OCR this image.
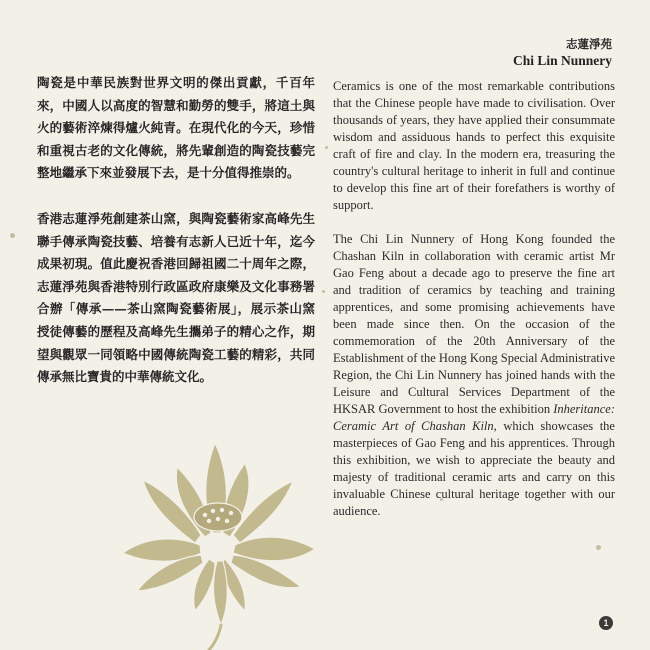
志蓮淨苑
Chi Lin Nunnery

陶瓷是中華民族對世界文明的傑出貢獻，千百年來，中國人以高度的智慧和勤勞的雙手，將這土與火的藝術淬煉得爐火純青。在現代化的今天，珍惜和重視古老的文化傳統，將先輩創造的陶瓷技藝完整地繼承下來並發展下去，是十分值得推崇的。

香港志蓮淨苑創建茶山窯，與陶瓷藝術家高峰先生聯手傳承陶瓷技藝、培養有志新人已近十年，迄今成果初現。值此慶祝香港回歸祖國二十周年之際，志蓮淨苑與香港特別行政區政府康樂及文化事務署合辦「傳承——茶山窯陶瓷藝術展」，展示茶山窯授徒傳藝的歷程及高峰先生攜弟子的精心之作，期望與觀眾一同領略中國傳統陶瓷工藝的精彩，共同傳承無比寶貴的中華傳統文化。

Ceramics is one of the most remarkable contributions that the Chinese people have made to civilisation. Over thousands of years, they have applied their consummate wisdom and assiduous hands to perfect this exquisite craft of fire and clay. In the modern era, treasuring the country's cultural heritage to inherit in full and continue to develop this fine art of their forefathers is worthy of support.

The Chi Lin Nunnery of Hong Kong founded the Chashan Kiln in collaboration with ceramic artist Mr Gao Feng about a decade ago to preserve the fine art and tradition of ceramics by teaching and training apprentices, and some promising achievements have been made since then. On the occasion of the commemoration of the 20th Anniversary of the Establishment of the Hong Kong Special Administrative Region, the Chi Lin Nunnery has joined hands with the Leisure and Cultural Services Department of the HKSAR Government to host the exhibition Inheritance: Ceramic Art of Chashan Kiln, which showcases the masterpieces of Gao Feng and his apprentices. Through this exhibition, we wish to appreciate the beauty and majesty of traditional ceramic arts and carry on this invaluable Chinese cultural heritage together with our audience.

1
